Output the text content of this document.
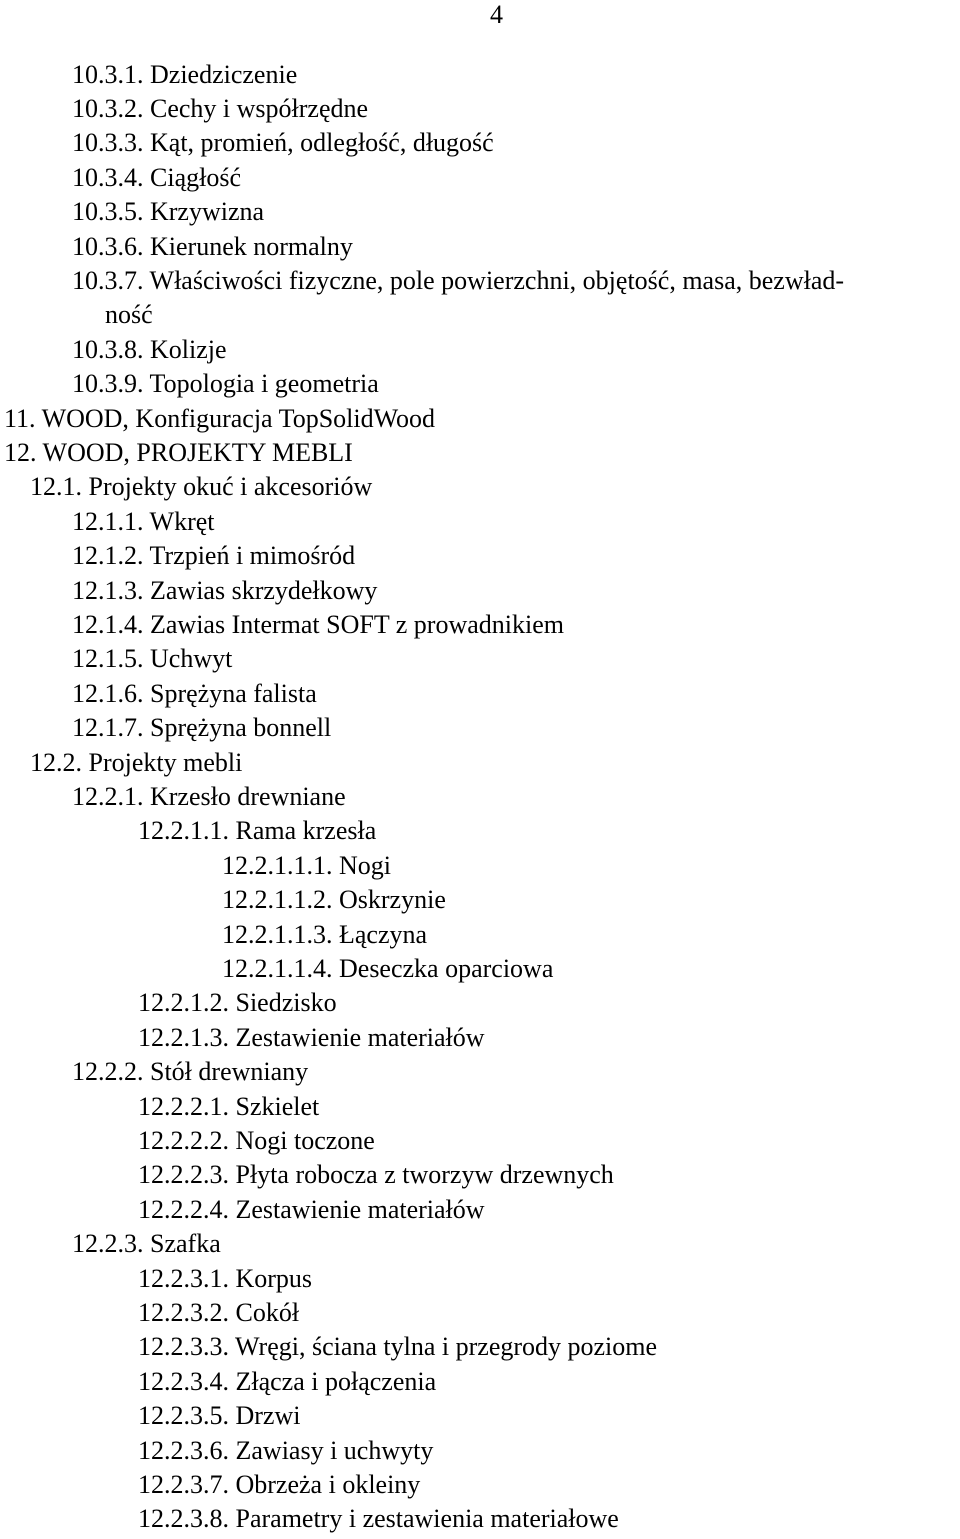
4
10.3.1. Dziedziczenie
10.3.2. Cechy i współrzędne
10.3.3. Kąt, promień, odległość, długość
10.3.4. Ciągłość
10.3.5. Krzywizna
10.3.6. Kierunek normalny
10.3.7. Właściwości fizyczne, pole powierzchni, objętość, masa, bezwład-
ność
10.3.8. Kolizje
10.3.9. Topologia i geometria
11. WOOD, Konfiguracja TopSolidWood
12. WOOD, PROJEKTY MEBLI
12.1. Projekty okuć i akcesoriów
12.1.1. Wkręt
12.1.2. Trzpień i mimośród
12.1.3. Zawias skrzydełkowy
12.1.4. Zawias Intermat SOFT z prowadnikiem
12.1.5. Uchwyt
12.1.6. Sprężyna falista
12.1.7. Sprężyna bonnell
12.2. Projekty mebli
12.2.1. Krzesło drewniane
12.2.1.1. Rama krzesła
12.2.1.1.1. Nogi
12.2.1.1.2. Oskrzynie
12.2.1.1.3. Łączyna
12.2.1.1.4. Deseczka oparciowa
12.2.1.2. Siedzisko
12.2.1.3. Zestawienie materiałów
12.2.2. Stół drewniany
12.2.2.1. Szkielet
12.2.2.2. Nogi toczone
12.2.2.3. Płyta robocza z tworzyw drzewnych
12.2.2.4. Zestawienie materiałów
12.2.3. Szafka
12.2.3.1. Korpus
12.2.3.2. Cokół
12.2.3.3. Wręgi, ściana tylna i przegrody poziome
12.2.3.4. Złącza i połączenia
12.2.3.5. Drzwi
12.2.3.6. Zawiasy i uchwyty
12.2.3.7. Obrzeża i okleiny
12.2.3.8. Parametry i zestawienia materiałowe
